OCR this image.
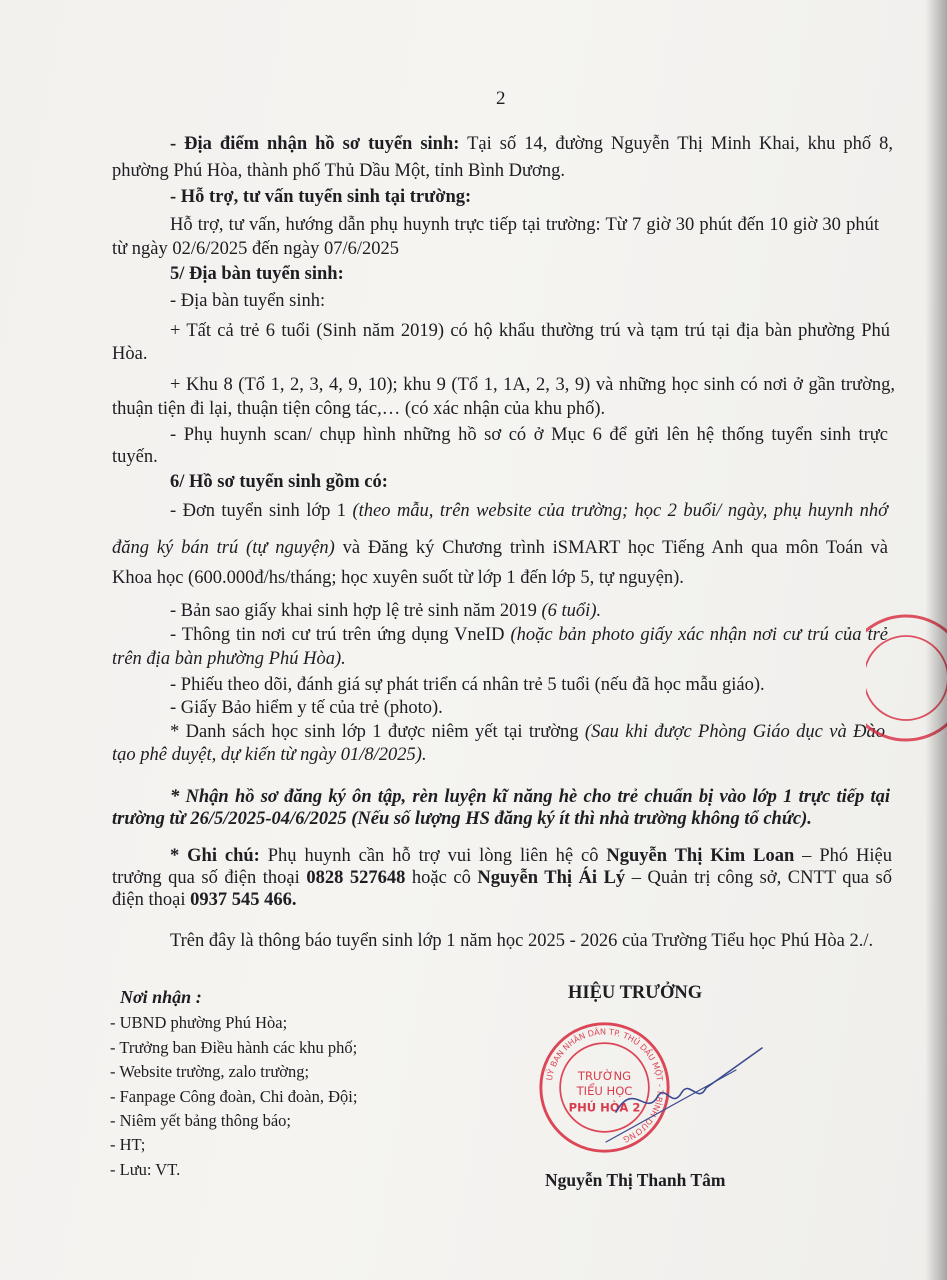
2
- Địa điểm nhận hồ sơ tuyển sinh: Tại số 14, đường Nguyễn Thị Minh Khai, khu phố 8,
phường Phú Hòa, thành phố Thủ Dầu Một, tỉnh Bình Dương.
- Hỗ trợ, tư vấn tuyển sinh tại trường:
Hỗ trợ, tư vấn, hướng dẫn phụ huynh trực tiếp tại trường: Từ 7 giờ 30 phút đến 10 giờ 30 phút
từ ngày 02/6/2025 đến ngày 07/6/2025
5/ Địa bàn tuyển sinh:
- Địa bàn tuyển sinh:
+ Tất cả trẻ 6 tuổi (Sinh năm 2019) có hộ khẩu thường trú và tạm trú tại địa bàn phường Phú
Hòa.
+ Khu 8 (Tổ 1, 2, 3, 4, 9, 10); khu 9 (Tổ 1, 1A, 2, 3, 9) và những học sinh có nơi ở gần trường,
thuận tiện đi lại, thuận tiện công tác,… (có xác nhận của khu phố).
- Phụ huynh scan/ chụp hình những hồ sơ có ở Mục 6 để gửi lên hệ thống tuyển sinh trực
tuyến.
6/ Hồ sơ tuyển sinh gồm có:
- Đơn tuyển sinh lớp 1 (theo mẫu, trên website của trường; học 2 buổi/ ngày, phụ huynh nhớ
đăng ký bán trú (tự nguyện) và Đăng ký Chương trình iSMART học Tiếng Anh qua môn Toán và
Khoa học (600.000đ/hs/tháng; học xuyên suốt từ lớp 1 đến lớp 5, tự nguyện).
- Bản sao giấy khai sinh hợp lệ trẻ sinh năm 2019 (6 tuổi).
- Thông tin nơi cư trú trên ứng dụng VneID (hoặc bản photo giấy xác nhận nơi cư trú của trẻ
trên địa bàn phường Phú Hòa).
- Phiếu theo dõi, đánh giá sự phát triển cá nhân trẻ 5 tuổi (nếu đã học mẫu giáo).
- Giấy Bảo hiểm y tế của trẻ (photo).
* Danh sách học sinh lớp 1 được niêm yết tại trường (Sau khi được Phòng Giáo dục và Đào
tạo phê duyệt, dự kiến từ ngày 01/8/2025).
* Nhận hồ sơ đăng ký ôn tập, rèn luyện kĩ năng hè cho trẻ chuẩn bị vào lớp 1 trực tiếp tại
trường từ 26/5/2025-04/6/2025 (Nếu số lượng HS đăng ký ít thì nhà trường không tổ chức).
* Ghi chú: Phụ huynh cần hỗ trợ vui lòng liên hệ cô Nguyễn Thị Kim Loan – Phó Hiệu
trưởng qua số điện thoại 0828 527648 hoặc cô Nguyễn Thị Ái Lý – Quản trị công sở, CNTT qua số
điện thoại 0937 545 466.
Trên đây là thông báo tuyển sinh lớp 1 năm học 2025 - 2026 của Trường Tiểu học Phú Hòa 2./.
Nơi nhận :
- UBND phường Phú Hòa;
- Trưởng ban Điều hành các khu phố;
- Website trường, zalo trường;
- Fanpage Công đoàn, Chi đoàn, Đội;
- Niêm yết bảng thông báo;
- HT;
- Lưu: VT.
HIỆU TRƯỞNG
UỶ BAN NHÂN DÂN TP. THỦ DẦU MỘT - T.BÌNH DƯƠNG
TRƯỜNG
TIỂU HỌC
PHÚ HÒA 2
Nguyễn Thị Thanh Tâm
